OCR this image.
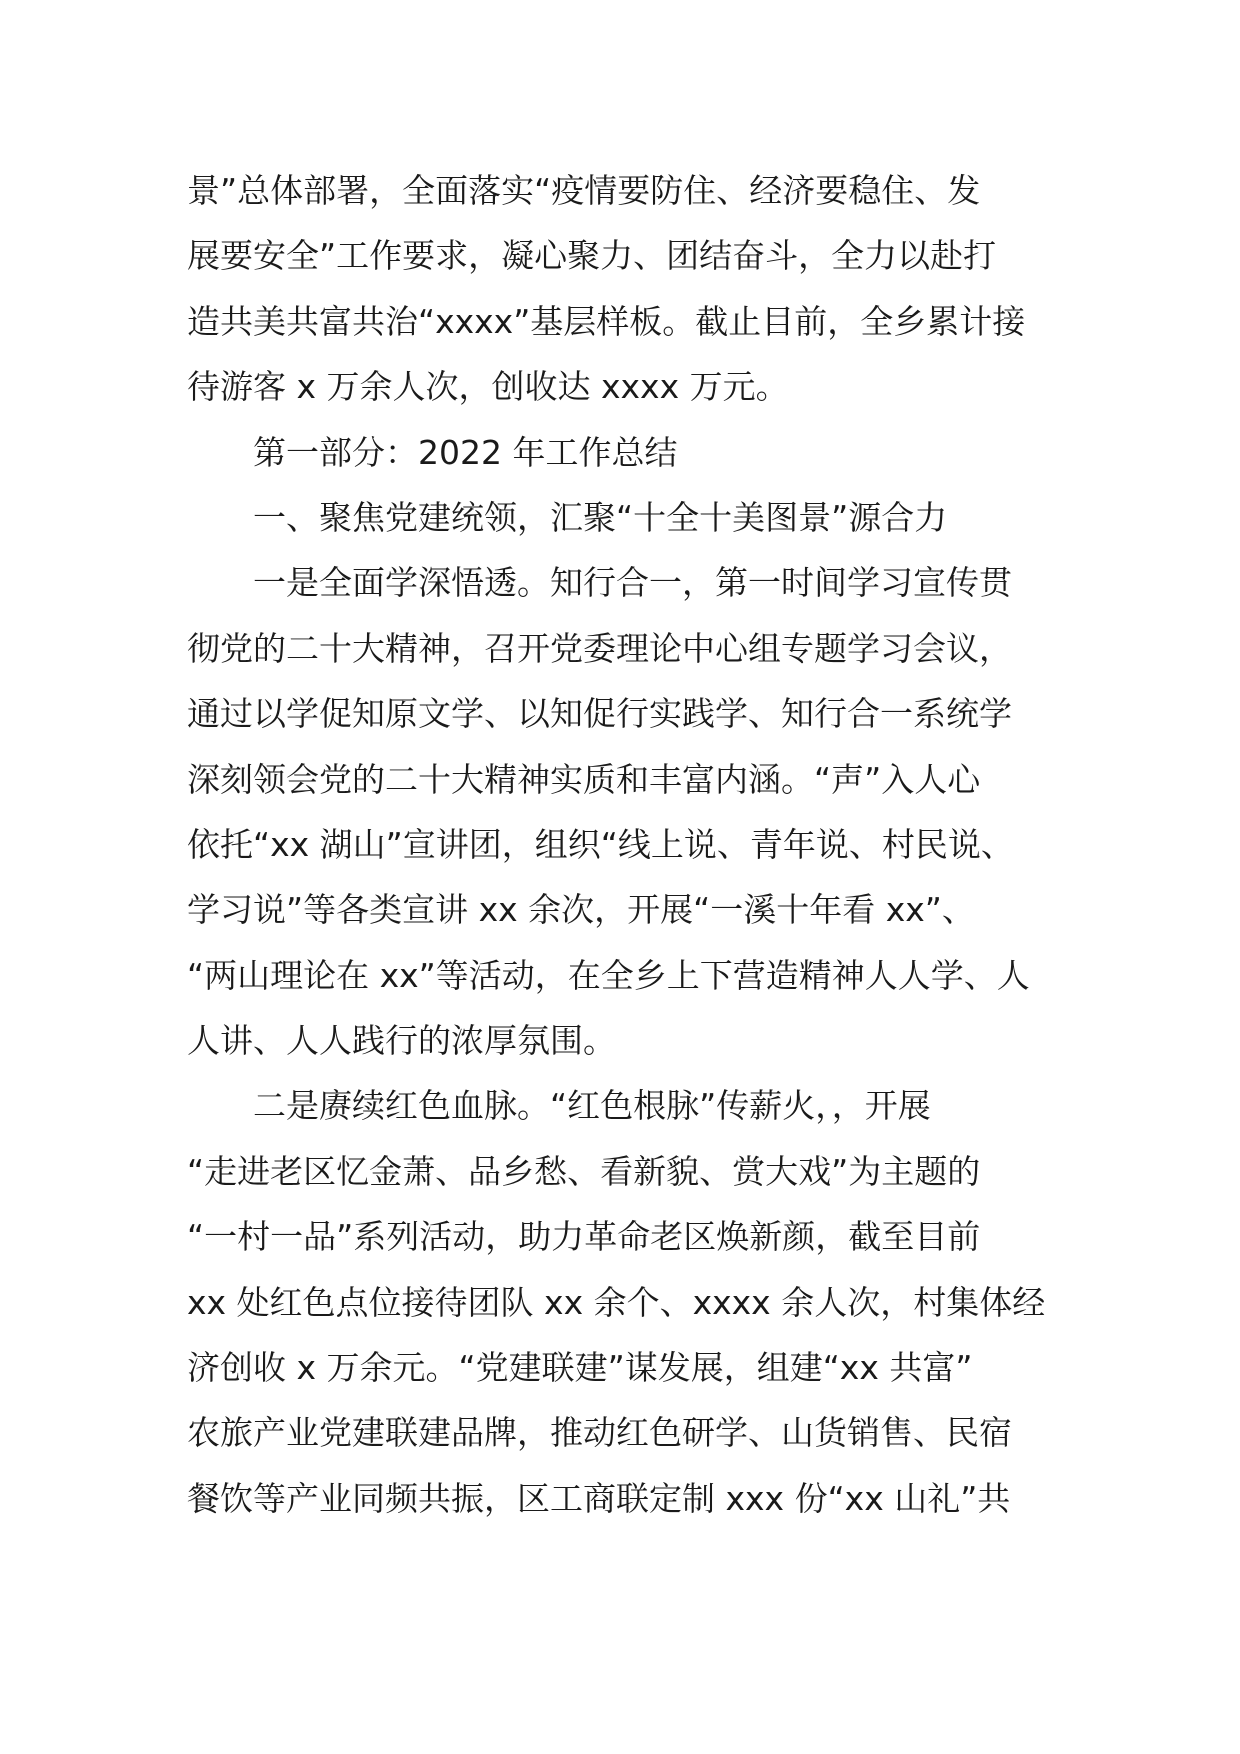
景”总体部署，全面落实“疫情要防住、经济要稳住、发
展要安全”工作要求，凝心聚力、团结奋斗，全力以赴打
造共美共富共治“xxxx”基层样板。截止目前，全乡累计接
待游客 x 万余人次，创收达 xxxx 万元。
第一部分：2022 年工作总结
一、聚焦党建统领，汇聚“十全十美图景”源合力
一是全面学深悟透。知行合一，第一时间学习宣传贯
彻党的二十大精神，召开党委理论中心组专题学习会议，
通过以学促知原文学、以知促行实践学、知行合一系统学
深刻领会党的二十大精神实质和丰富内涵。“声”入人心
依托“xx 湖山”宣讲团，组织“线上说、青年说、村民说、
学习说”等各类宣讲 xx 余次，开展“一溪十年看 xx”、
“两山理论在 xx”等活动，在全乡上下营造精神人人学、人
人讲、人人践行的浓厚氛围。
二是赓续红色血脉。“红色根脉”传薪火，，开展
“走进老区忆金萧、品乡愁、看新貌、赏大戏”为主题的
“一村一品”系列活动，助力革命老区焕新颜，截至目前
xx 处红色点位接待团队 xx 余个、xxxx 余人次，村集体经
济创收 x 万余元。“党建联建”谋发展，组建“xx 共富”
农旅产业党建联建品牌，推动红色研学、山货销售、民宿
餐饮等产业同频共振，区工商联定制 xxx 份“xx 山礼”共
